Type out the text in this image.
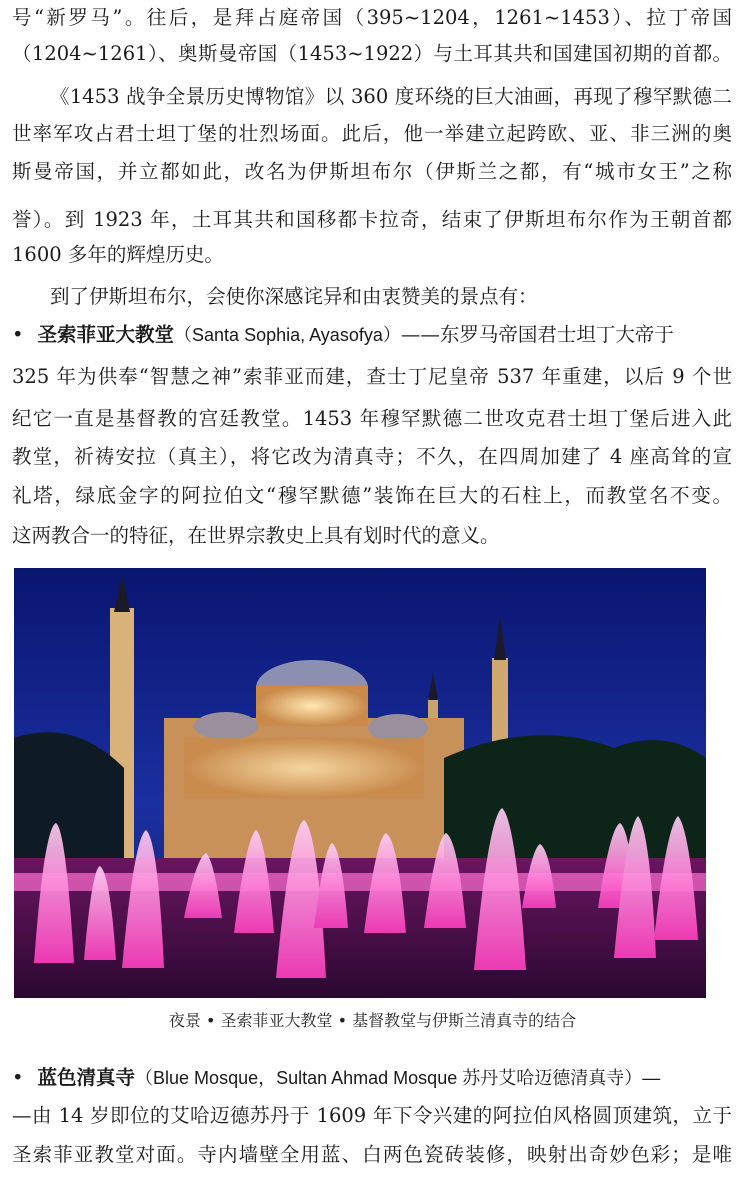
号“新罗马”。往后，是拜占庭帝国（395~1204，1261~1453）、拉丁帝国
（1204~1261）、奥斯曼帝国（1453~1922）与土耳其共和国建国初期的首都。
《1453 战争全景历史博物馆》以 360 度环绕的巨大油画，再现了穆罕默德二
世率军攻占君士坦丁堡的壮烈场面。此后，他一举建立起跨欧、亚、非三洲的奥
斯曼帝国，并立都如此，改名为伊斯坦布尔（伊斯兰之都，有“城市女王”之称
誉）。到 1923 年，土耳其共和国移都卡拉奇，结束了伊斯坦布尔作为王朝首都
1600 多年的辉煌历史。
到了伊斯坦布尔，会使你深感诧异和由衷赞美的景点有：
• 圣索菲亚大教堂（Santa Sophia, Ayasofya）——东罗马帝国君士坦丁大帝于
325 年为供奉“智慧之神”索菲亚而建，查士丁尼皇帝 537 年重建，以后 9 个世
纪它一直是基督教的宫廷教堂。1453 年穆罕默德二世攻克君士坦丁堡后进入此
教堂，祈祷安拉（真主），将它改为清真寺；不久，在四周加建了 4 座高耸的宣
礼塔，绿底金字的阿拉伯文“穆罕默德”装饰在巨大的石柱上，而教堂名不变。
这两教合一的特征，在世界宗教史上具有划时代的意义。
夜景 • 圣索菲亚大教堂 • 基督教堂与伊斯兰清真寺的结合
• 蓝色清真寺（Blue Mosque，Sultan Ahmad Mosque 苏丹艾哈迈德清真寺）—
—由 14 岁即位的艾哈迈德苏丹于 1609 年下令兴建的阿拉伯风格圆顶建筑，立于
圣索菲亚教堂对面。寺内墙壁全用蓝、白两色瓷砖装修，映射出奇妙色彩；是唯
